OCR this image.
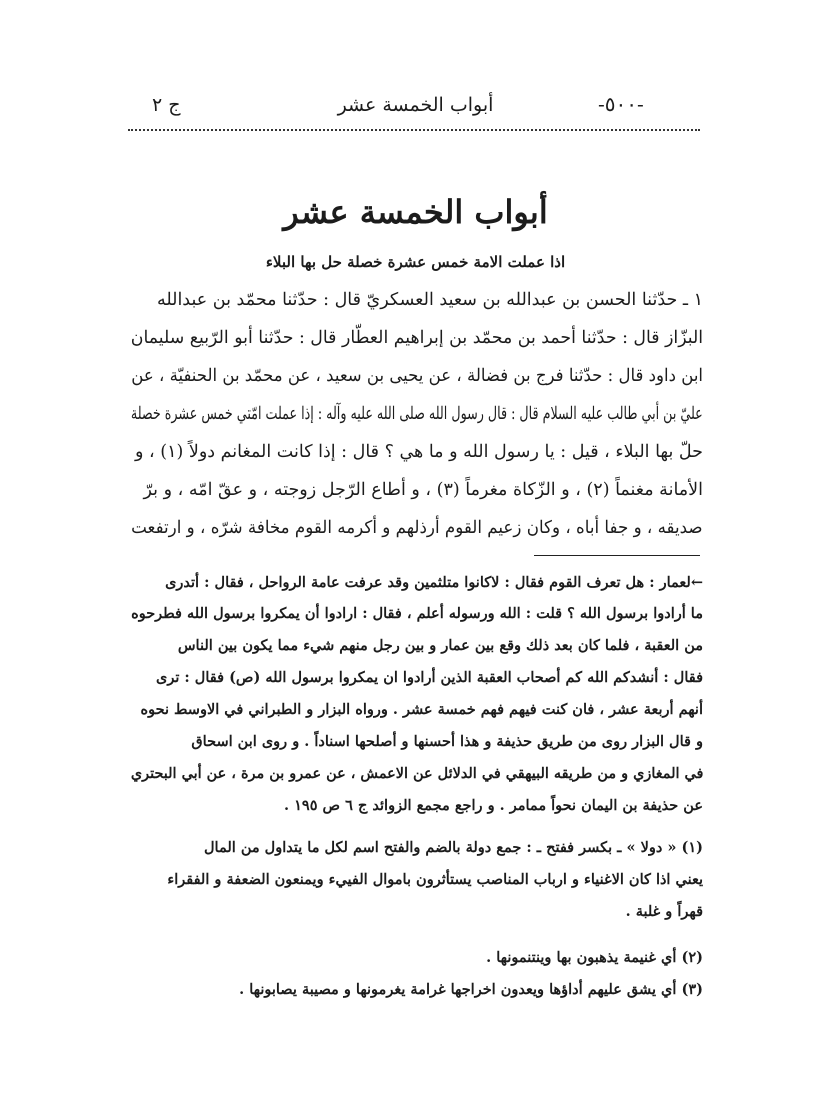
-٥٠٠-
أبواب الخمسة عشر
ج ٢
أبواب الخمسة عشر
اذا عملت الامة خمس عشرة خصلة حل بها البلاء
١ ـ حدّثنا الحسن بن عبدالله بن سعيد العسكريّ قال : حدّثنا محمّد بن عبدالله
البزّاز قال : حدّثنا أحمد بن محمّد بن إبراهيم العطّار قال : حدّثنا أبو الرّبيع سليمان
ابن داود قال : حدّثنا فرج بن فضالة ، عن يحيى بن سعيد ، عن محمّد بن الحنفيّة ، عن
عليّ بن أبي طالب عليه السلام قال : قال رسول الله صلى الله عليه وآله : إذا عملت امّتي خمس عشرة خصلة
حلّ بها البلاء ، قيل : يا رسول الله و ما هي ؟ قال : إذا كانت المغانم دولاً (١) ، و
الأمانة مغنماً (٢) ، و الزّكاة مغرماً (٣) ، و أطاع الرّجل زوجته ، و عقّ امّه ، و برّ
صديقه ، و جفا أباه ، وكان زعيم القوم أرذلهم و أكرمه القوم مخافة شرّه ، و ارتفعت
←لعمار : هل تعرف القوم فقال : لاكانوا متلثمين وقد عرفت عامة الرواحل ، فقال : أتدرى
ما أرادوا برسول الله ؟ قلت : الله ورسوله أعلم ، فقال : ارادوا أن يمكروا برسول الله فطرحوه
من العقبة ، فلما كان بعد ذلك وقع بين عمار و بين رجل منهم شيء مما يكون بين الناس
فقال : أنشدكم الله كم أصحاب العقبة الذين أرادوا ان يمكروا برسول الله (ص) فقال : ترى
أنهم أربعة عشر ، فان كنت فيهم فهم خمسة عشر . ورواه البزار و الطبراني في الاوسط نحوه
و قال البزار روى من طريق حذيفة و هذا أحسنها و أصلحها اسناداً . و روى ابن اسحاق
في المغازي و من طريقه البيهقي في الدلائل عن الاعمش ، عن عمرو بن مرة ، عن أبي البحتري
عن حذيفة بن اليمان نحواً ممامر . و راجع مجمع الزوائد ج ٦ ص ١٩٥ .
(١) « دولا » ـ بكسر ففتح ـ : جمع دولة بالضم والفتح اسم لكل ما يتداول من المال
يعني اذا كان الاغنياء و ارباب المناصب يستأثرون باموال الفييء ويمنعون الضعفة و الفقراء
قهراً و غلبة .
(٢) أي غنيمة يذهبون بها وينتنمونها .
(٣) أي يشق عليهم أداؤها ويعدون اخراجها غرامة يغرمونها و مصيبة يصابونها .
